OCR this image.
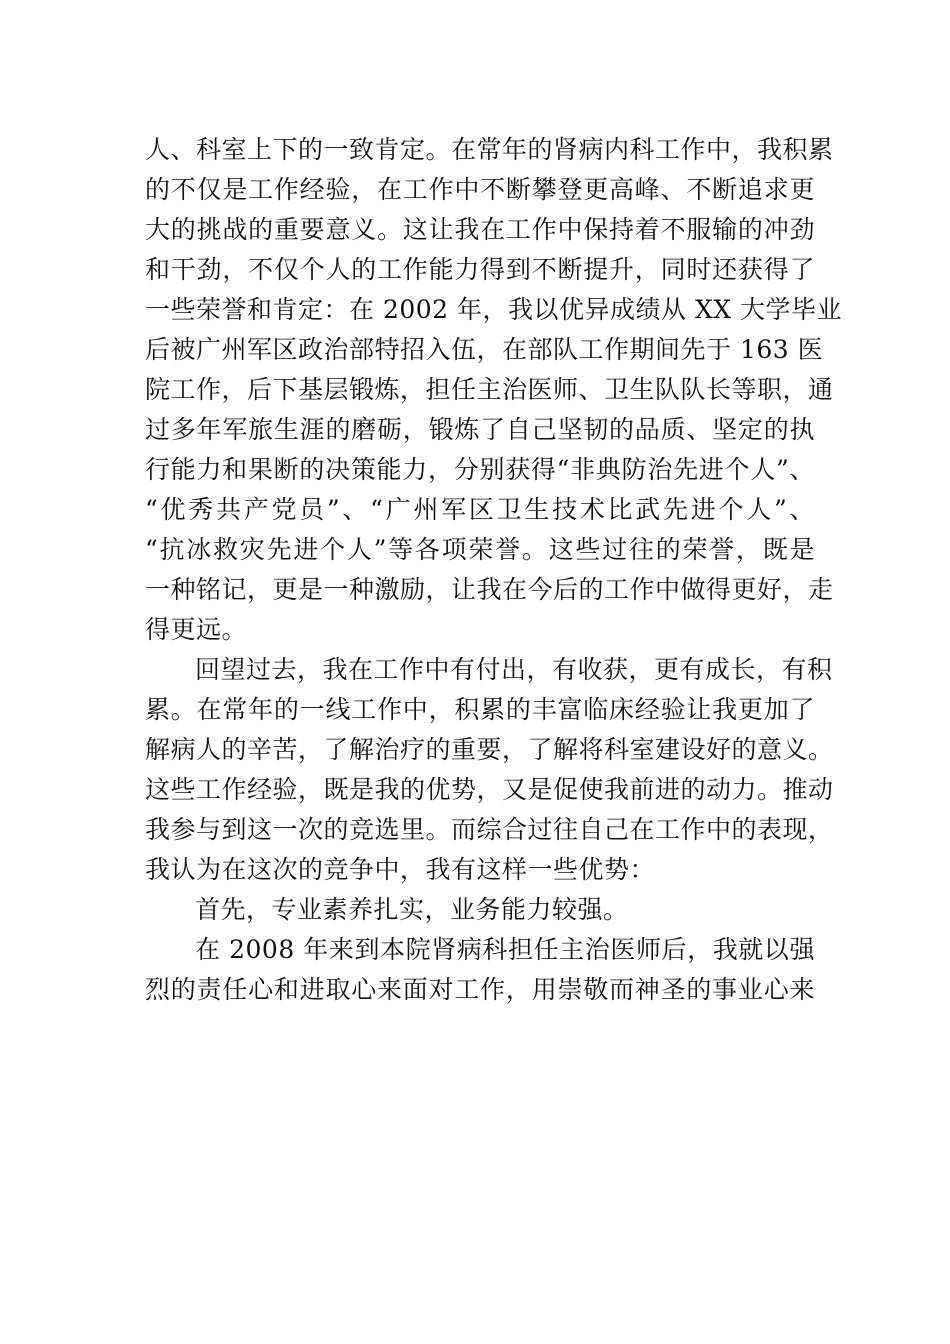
人、科室上下的一致肯定。在常年的肾病内科工作中，我积累
的不仅是工作经验，在工作中不断攀登更高峰、不断追求更
大的挑战的重要意义。这让我在工作中保持着不服输的冲劲
和干劲，不仅个人的工作能力得到不断提升，同时还获得了
一些荣誉和肯定：在 2002 年，我以优异成绩从 XX 大学毕业
后被广州军区政治部特招入伍，在部队工作期间先于 163 医
院工作，后下基层锻炼，担任主治医师、卫生队队长等职，通
过多年军旅生涯的磨砺，锻炼了自己坚韧的品质、坚定的执
行能力和果断的决策能力，分别获得“非典防治先进个人”、
“优秀共产党员”、“广州军区卫生技术比武先进个人”、
“抗冰救灾先进个人”等各项荣誉。这些过往的荣誉，既是
一种铭记，更是一种激励，让我在今后的工作中做得更好，走
得更远。
回望过去，我在工作中有付出，有收获，更有成长，有积
累。在常年的一线工作中，积累的丰富临床经验让我更加了
解病人的辛苦，了解治疗的重要，了解将科室建设好的意义。
这些工作经验，既是我的优势，又是促使我前进的动力。推动
我参与到这一次的竞选里。而综合过往自己在工作中的表现，
我认为在这次的竞争中，我有这样一些优势：
首先，专业素养扎实，业务能力较强。
在 2008 年来到本院肾病科担任主治医师后，我就以强
烈的责任心和进取心来面对工作，用崇敬而神圣的事业心来
